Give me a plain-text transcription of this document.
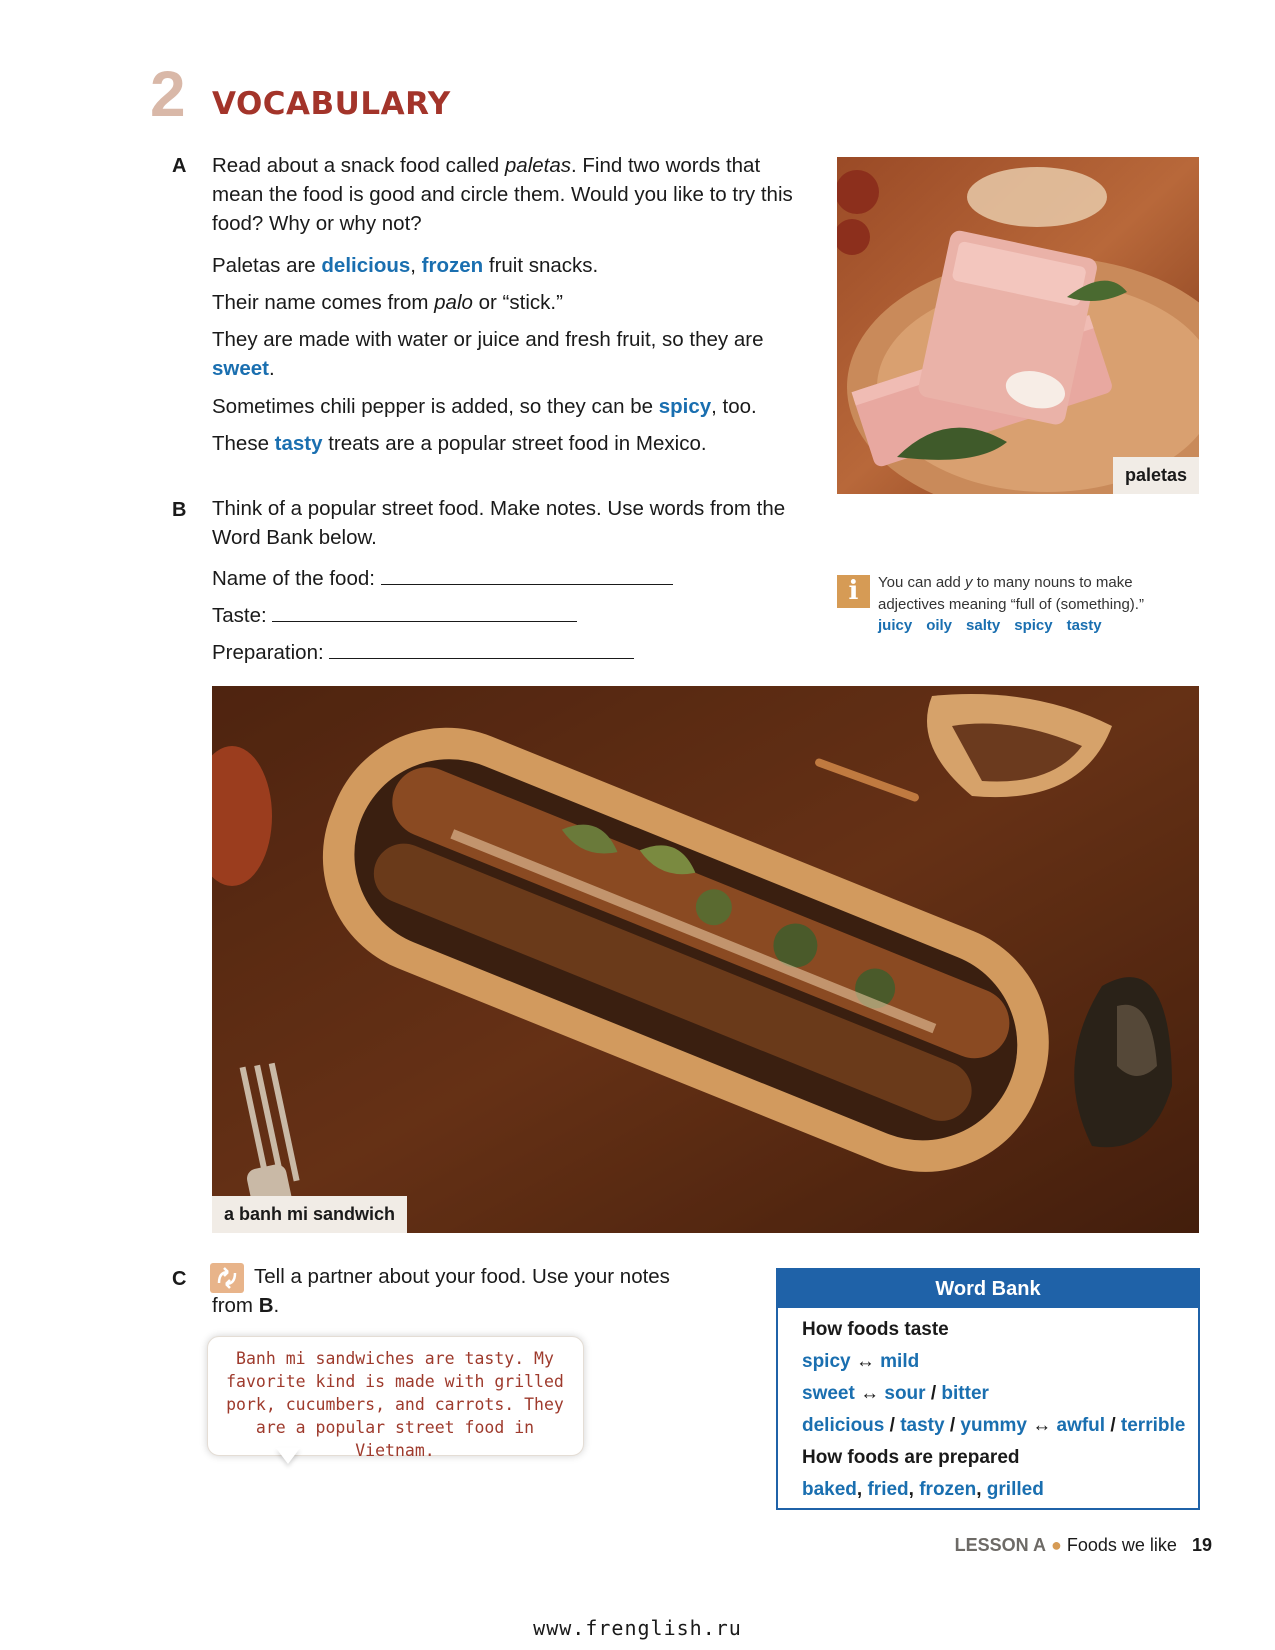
2 VOCABULARY
A Read about a snack food called paletas. Find two words that mean the food is good and circle them. Would you like to try this food? Why or why not?
Paletas are delicious, frozen fruit snacks.
Their name comes from palo or “stick.”
They are made with water or juice and fresh fruit, so they are sweet.
Sometimes chili pepper is added, so they can be spicy, too.
These tasty treats are a popular street food in Mexico.
paletas
B Think of a popular street food. Make notes. Use words from the Word Bank below.
Name of the food:
Taste:
Preparation:
i	You can add y to many nouns to make
adjectives meaning “full of (something).”
juicy oily salty spicy tasty
a banh mi sandwich
C	Tell a partner about your food. Use your notes from B.
Banh mi sandwiches are tasty. My favorite kind is made with grilled pork, cucumbers, and carrots. They are a popular street food in Vietnam.
Word Bank
How foods taste
spicy ↔ mild
sweet ↔ sour / bitter
delicious / tasty / yummy ↔ awful / terrible
How foods are prepared
baked, fried, frozen, grilled
LESSON A ● Foods we like 19
www.frenglish.ru
